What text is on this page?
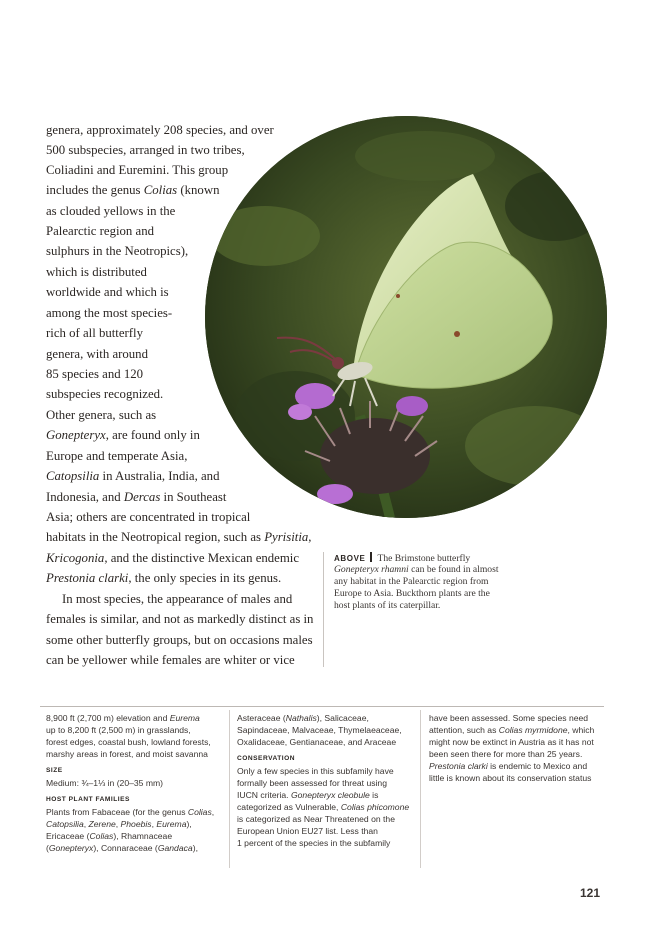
genera, approximately 208 species, and over
500 subspecies, arranged in two tribes,
Coliadini and Euremini. This group
includes the genus Colias (known
as clouded yellows in the
Palearctic region and
sulphurs in the Neotropics),
which is distributed
worldwide and which is
among the most species-
rich of all butterfly
genera, with around
85 species and 120
subspecies recognized.
Other genera, such as
Gonepteryx, are found only in
Europe and temperate Asia,
Catopsilia in Australia, India, and
Indonesia, and Dercas in Southeast
Asia; others are concentrated in tropical
habitats in the Neotropical region, such as Pyrisitia,
Kricogonia, and the distinctive Mexican endemic
Prestonia clarki, the only species in its genus.
In most species, the appearance of males and
females is similar, and not as markedly distinct as in
some other butterfly groups, but on occasions males
can be yellower while females are whiter or vice
ABOVE The Brimstone butterfly
Gonepteryx rhamni can be found in almost
any habitat in the Palearctic region from
Europe to Asia. Buckthorn plants are the
host plants of its caterpillar.
8,900 ft (2,700 m) elevation and Eurema
up to 8,200 ft (2,500 m) in grasslands,
forest edges, coastal bush, lowland forests,
marshy areas in forest, and moist savanna
SIZE
Medium: ¾–1⅓ in (20–35 mm)
HOST PLANT FAMILIES
Plants from Fabaceae (for the genus Colias,
Catopsilia, Zerene, Phoebis, Eurema),
Ericaceae (Colias), Rhamnaceae
(Gonepteryx), Connaraceae (Gandaca),
Asteraceae (Nathalis), Salicaceae,
Sapindaceae, Malvaceae, Thymelaeaceae,
Oxalidaceae, Gentianaceae, and Araceae
CONSERVATION
Only a few species in this subfamily have
formally been assessed for threat using
IUCN criteria. Gonepteryx cleobule is
categorized as Vulnerable, Colias phicomone
is categorized as Near Threatened on the
European Union EU27 list. Less than
1 percent of the species in the subfamily
have been assessed. Some species need
attention, such as Colias myrmidone, which
might now be extinct in Austria as it has not
been seen there for more than 25 years.
Prestonia clarki is endemic to Mexico and
little is known about its conservation status
121
